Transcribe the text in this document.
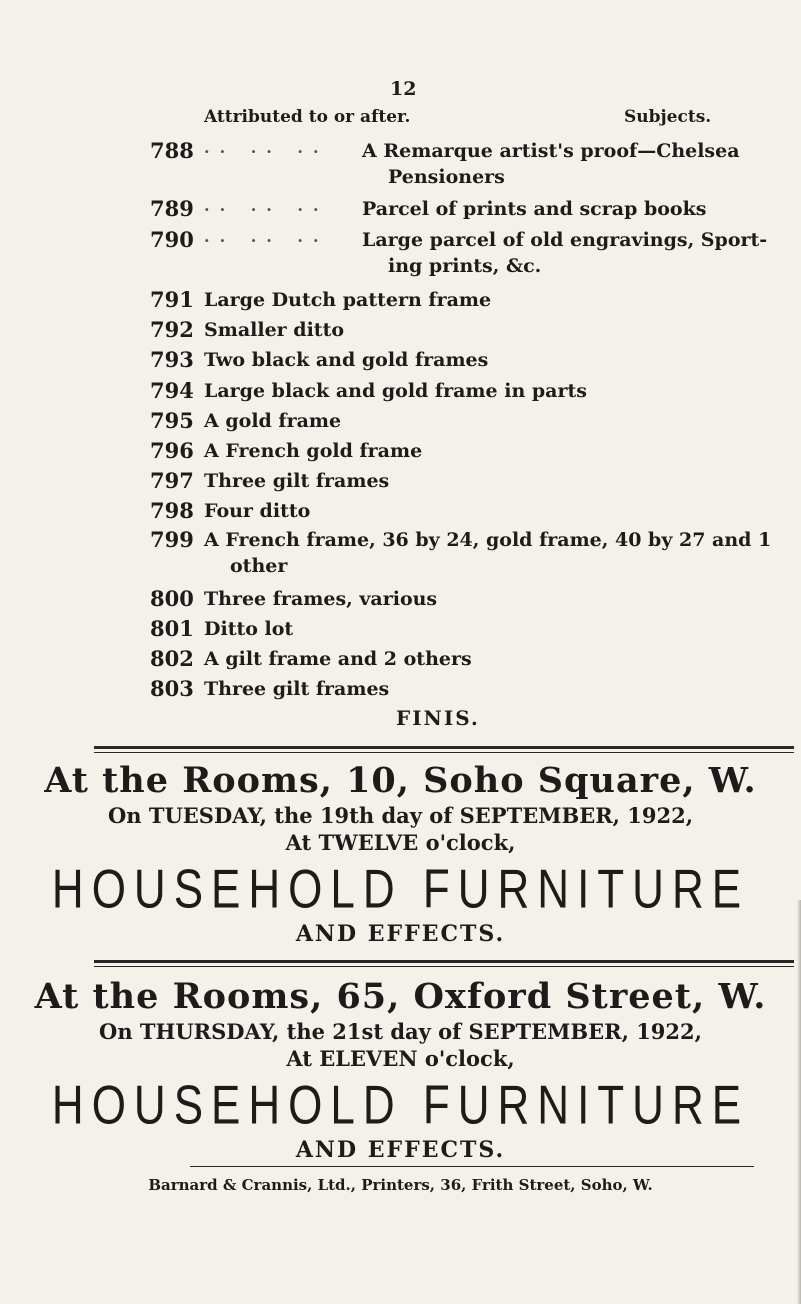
12
Attributed to or after.	Subjects.
788 .. .. ..	A Remarque artist's proof—Chelsea
Pensioners
789 .. .. ..	Parcel of prints and scrap books
790 .. .. ..	Large parcel of old engravings, Sport-
ing prints, &c.
791 Large Dutch pattern frame
792 Smaller ditto
793 Two black and gold frames
794 Large black and gold frame in parts
795 A gold frame
796 A French gold frame
797 Three gilt frames
798 Four ditto
799 A French frame, 36 by 24, gold frame, 40 by 27 and 1
other
800 Three frames, various
801 Ditto lot
802 A gilt frame and 2 others
803 Three gilt frames
FINIS.
At the Rooms, 10, Soho Square, W.
On TUESDAY, the 19th day of SEPTEMBER, 1922,
At TWELVE o'clock,
HOUSEHOLD FURNITURE
AND EFFECTS.
At the Rooms, 65, Oxford Street, W.
On THURSDAY, the 21st day of SEPTEMBER, 1922,
At ELEVEN o'clock,
HOUSEHOLD FURNITURE
AND EFFECTS.
Barnard & Crannis, Ltd., Printers, 36, Frith Street, Soho, W.
